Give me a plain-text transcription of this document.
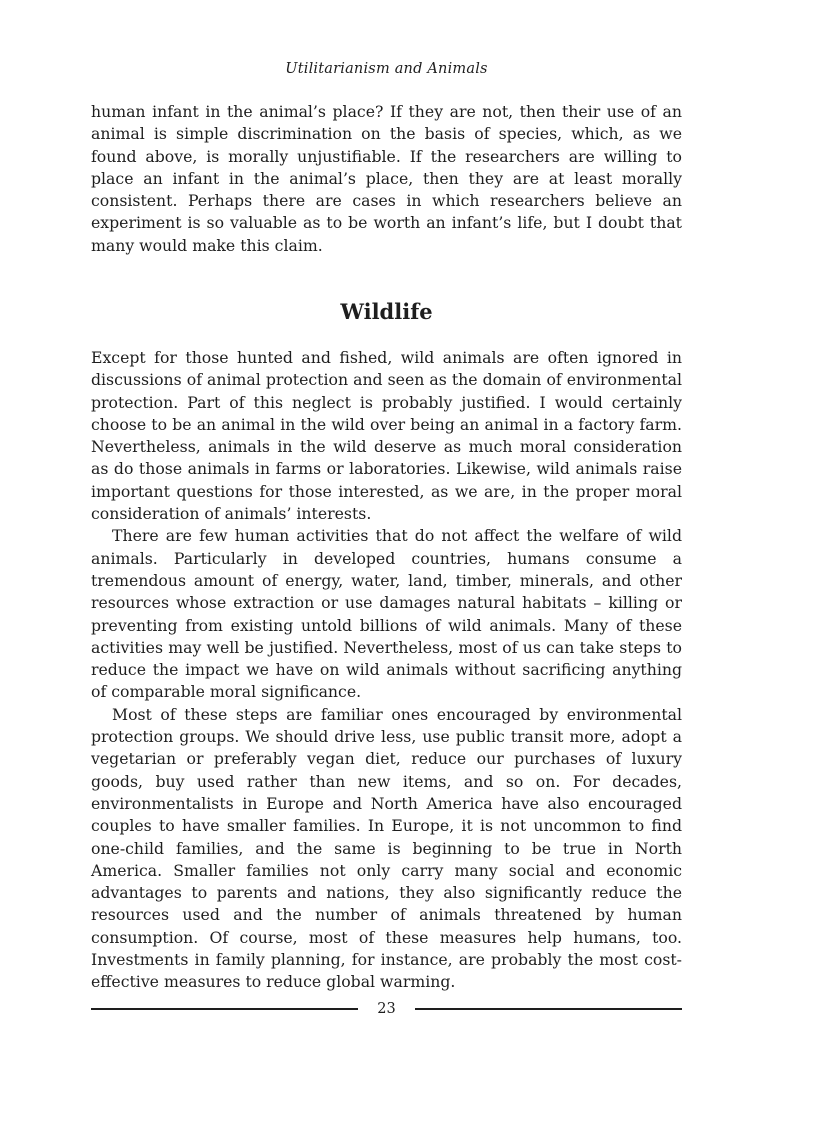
Utilitarianism and Animals

human infant in the animal’s place? If they are not, then their use of an animal is simple discrimination on the basis of species, which, as we found above, is morally unjustifiable. If the researchers are willing to place an infant in the animal’s place, then they are at least morally consistent. Perhaps there are cases in which researchers believe an experiment is so valuable as to be worth an infant’s life, but I doubt that many would make this claim.

Wildlife

Except for those hunted and fished, wild animals are often ignored in discussions of animal protection and seen as the domain of environmental protection. Part of this neglect is probably justified. I would certainly choose to be an animal in the wild over being an animal in a factory farm. Nevertheless, animals in the wild deserve as much moral consideration as do those animals in farms or laboratories. Likewise, wild animals raise important questions for those interested, as we are, in the proper moral consideration of animals’ interests.

There are few human activities that do not affect the welfare of wild animals. Particularly in developed countries, humans consume a tremendous amount of energy, water, land, timber, minerals, and other resources whose extraction or use damages natural habitats – killing or preventing from existing untold billions of wild animals. Many of these activities may well be justified. Nevertheless, most of us can take steps to reduce the impact we have on wild animals without sacrificing anything of comparable moral significance.

Most of these steps are familiar ones encouraged by environmental protection groups. We should drive less, use public transit more, adopt a vegetarian or preferably vegan diet, reduce our purchases of luxury goods, buy used rather than new items, and so on. For decades, environmentalists in Europe and North America have also encouraged couples to have smaller families. In Europe, it is not uncommon to find one-child families, and the same is beginning to be true in North America. Smaller families not only carry many social and economic advantages to parents and nations, they also significantly reduce the resources used and the number of animals threatened by human consumption. Of course, most of these measures help humans, too. Investments in family planning, for instance, are probably the most cost-effective measures to reduce global warming.

23
